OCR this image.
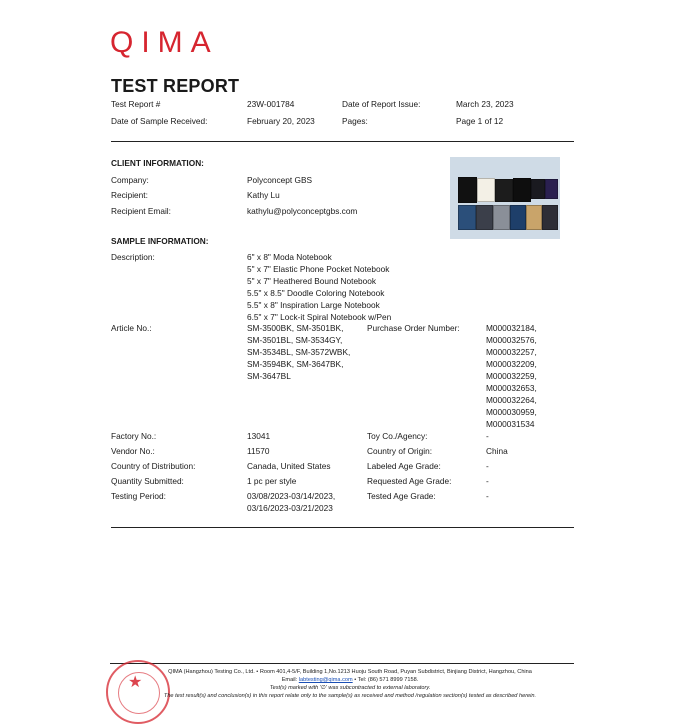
QIMA
TEST REPORT
Test Report #	23W-001784	Date of Report Issue:	March 23, 2023
Date of Sample Received:	February 20, 2023	Pages:	Page 1 of 12
CLIENT INFORMATION:
Company:	Polyconcept GBS
Recipient:	Kathy Lu
Recipient Email:	kathylu@polyconceptgbs.com
SAMPLE INFORMATION:
Description:	6" x 8" Moda Notebook
5" x 7" Elastic Phone Pocket Notebook
5" x 7" Heathered Bound Notebook
5.5" x 8.5" Doodle Coloring Notebook
5.5" x 8" Inspiration Large Notebook
6.5" x 7" Lock-it Spiral Notebook w/Pen
Article No.:	SM-3500BK, SM-3501BK,
SM-3501BL, SM-3534GY,
SM-3534BL, SM-3572WBK,
SM-3594BK, SM-3647BK,
SM-3647BL
Purchase Order Number:	M000032184,
M000032576,
M000032257,
M000032209,
M000032259,
M000032653,
M000032264,
M000030959,
M000031534
Factory No.:	13041	Toy Co./Agency:	-
Vendor No.:	11570	Country of Origin:	China
Country of Distribution:	Canada, United States	Labeled Age Grade:	-
Quantity Submitted:	1 pc per style	Requested Age Grade:	-
Testing Period:	03/08/2023-03/14/2023,
03/16/2023-03/21/2023
Tested Age Grade:	-
★
QIMA (Hangzhou) Testing Co., Ltd. • Room 401,4-5/F, Building 1,No.1213 Huoju South Road, Puyan Subdistrict, Binjiang District, Hangzhou, China
Email: labtesting@qima.com • Tel: (86) 571 8999 7158.
Test(s) marked with '∅' was subcontracted to external laboratory.
The test result(s) and conclusion(s) in this report relate only to the sample(s) as received and method /regulation section(s) tested as described herein.
